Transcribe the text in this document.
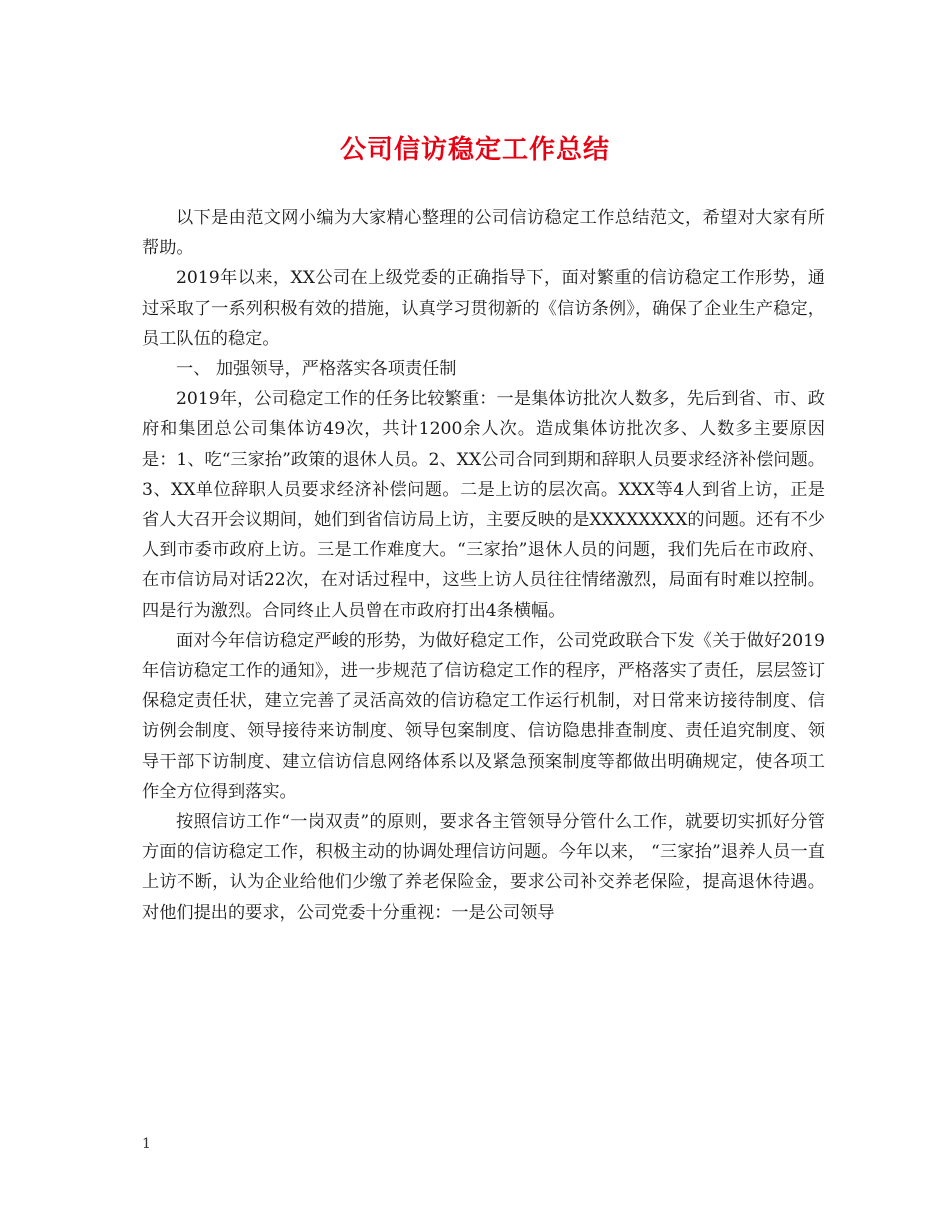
公司信访稳定工作总结

以下是由范文网小编为大家精心整理的公司信访稳定工作总结范文，希望对大家有所帮助。

2019年以来，XX公司在上级党委的正确指导下，面对繁重的信访稳定工作形势，通过采取了一系列积极有效的措施，认真学习贯彻新的《信访条例》，确保了企业生产稳定，员工队伍的稳定。

一、 加强领导，严格落实各项责任制

2019年，公司稳定工作的任务比较繁重：一是集体访批次人数多，先后到省、市、政府和集团总公司集体访49次，共计1200余人次。造成集体访批次多、人数多主要原因是：1、吃“三家抬”政策的退休人员。2、XX公司合同到期和辞职人员要求经济补偿问题。3、XX单位辞职人员要求经济补偿问题。二是上访的层次高。XXX等4人到省上访，正是省人大召开会议期间，她们到省信访局上访，主要反映的是XXXXXXXX的问题。还有不少人到市委市政府上访。三是工作难度大。“三家抬”退休人员的问题，我们先后在市政府、在市信访局对话22次，在对话过程中，这些上访人员往往情绪激烈，局面有时难以控制。四是行为激烈。合同终止人员曾在市政府打出4条横幅。

面对今年信访稳定严峻的形势，为做好稳定工作，公司党政联合下发《关于做好2019年信访稳定工作的通知》，进一步规范了信访稳定工作的程序，严格落实了责任，层层签订保稳定责任状，建立完善了灵活高效的信访稳定工作运行机制，对日常来访接待制度、信访例会制度、领导接待来访制度、领导包案制度、信访隐患排查制度、责任追究制度、领导干部下访制度、建立信访信息网络体系以及紧急预案制度等都做出明确规定，使各项工作全方位得到落实。

按照信访工作“一岗双责”的原则，要求各主管领导分管什么工作，就要切实抓好分管方面的信访稳定工作，积极主动的协调处理信访问题。今年以来， “三家抬”退养人员一直上访不断，认为企业给他们少缴了养老保险金，要求公司补交养老保险，提高退休待遇。对他们提出的要求，公司党委十分重视：一是公司领导

1
